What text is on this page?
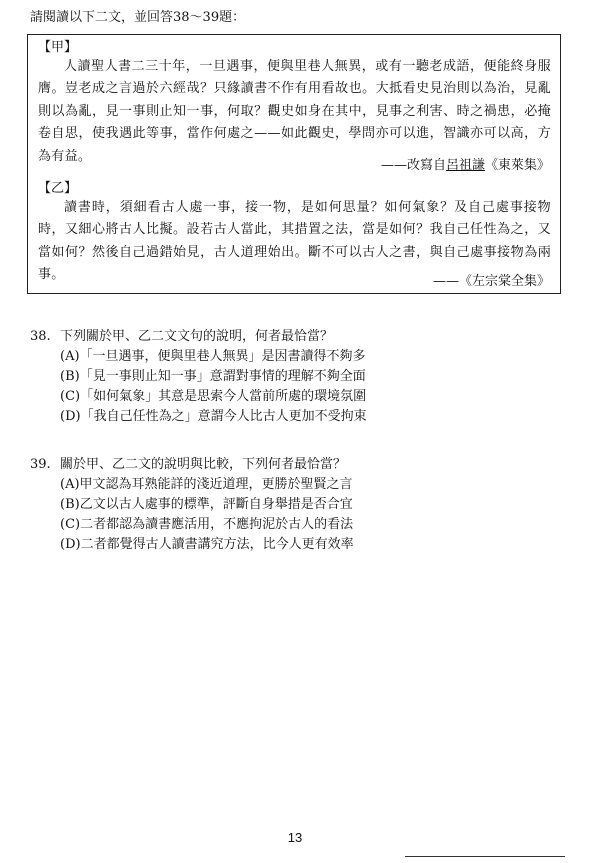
請閱讀以下二文，並回答38～39題：
【甲】
人讀聖人書二三十年，一旦遇事，便與里巷人無異，或有一聽老成語，便能終身服膺。豈老成之言過於六經哉？只緣讀書不作有用看故也。大抵看史見治則以為治，見亂則以為亂，見一事則止知一事，何取？觀史如身在其中，見事之利害、時之禍患，必掩卷自思，使我遇此等事，當作何處之——如此觀史，學問亦可以進，智識亦可以高，方為有益。
——改寫自呂祖謙《東萊集》
【乙】
讀書時，須細看古人處一事，接一物，是如何思量？如何氣象？及自己處事接物時，又細心將古人比擬。設若古人當此，其措置之法，當是如何？我自己任性為之，又當如何？然後自己過錯始見，古人道理始出。斷不可以古人之書，與自己處事接物為兩事。	——《左宗棠全集》
38. 下列關於甲、乙二文文句的說明，何者最恰當？
(A)「一旦遇事，便與里巷人無異」是因書讀得不夠多
(B)「見一事則止知一事」意謂對事情的理解不夠全面
(C)「如何氣象」其意是思索今人當前所處的環境氛圍
(D)「我自己任性為之」意謂今人比古人更加不受拘束
39. 關於甲、乙二文的說明與比較，下列何者最恰當？
(A)甲文認為耳熟能詳的淺近道理，更勝於聖賢之言
(B)乙文以古人處事的標準，評斷自身舉措是否合宜
(C)二者都認為讀書應活用，不應拘泥於古人的看法
(D)二者都覺得古人讀書講究方法，比今人更有效率
13
